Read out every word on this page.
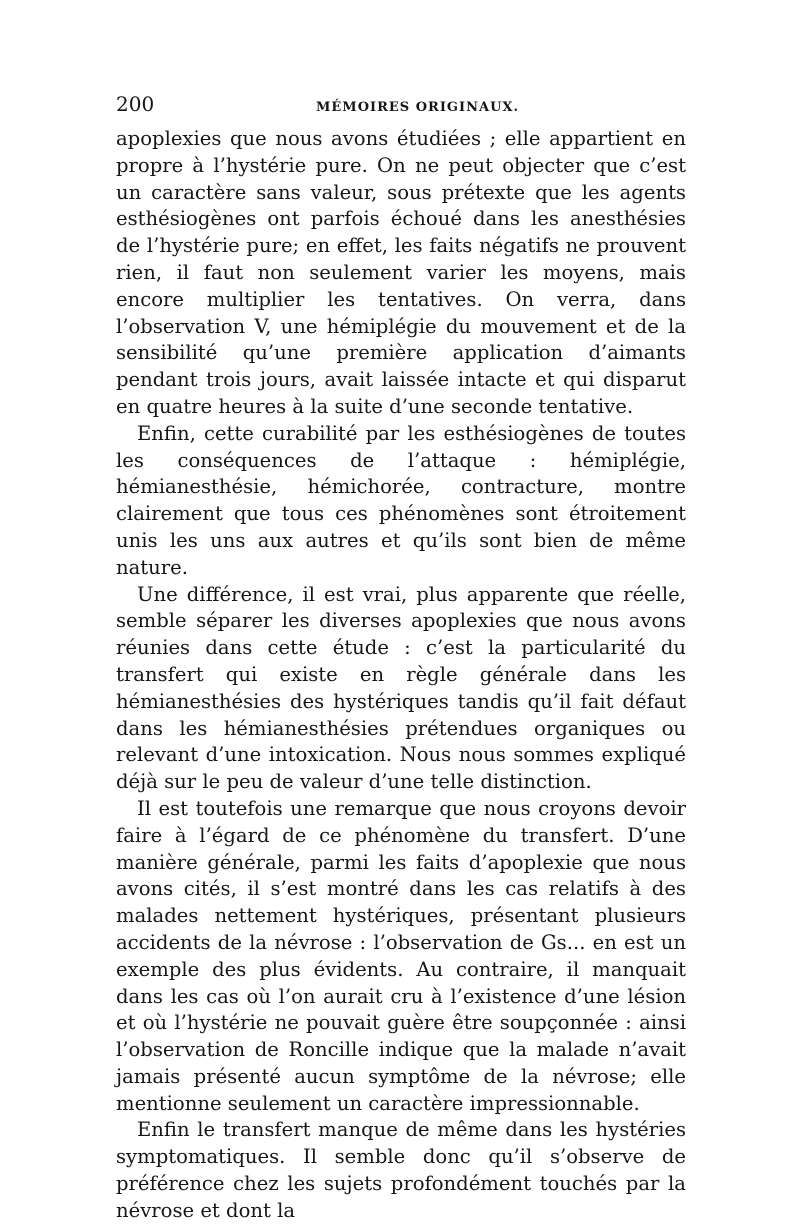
200	MÉMOIRES ORIGINAUX.

apoplexies que nous avons étudiées ; elle appartient en propre à l’hystérie pure. On ne peut objecter que c’est un caractère sans valeur, sous prétexte que les agents esthésiogènes ont parfois échoué dans les anesthésies de l’hystérie pure; en effet, les faits négatifs ne prouvent rien, il faut non seulement varier les moyens, mais encore multiplier les tentatives. On verra, dans l’observation V, une hémiplégie du mouvement et de la sensibilité qu’une première application d’aimants pendant trois jours, avait laissée intacte et qui disparut en quatre heures à la suite d’une seconde tentative.

Enfin, cette curabilité par les esthésiogènes de toutes les conséquences de l’attaque : hémiplégie, hémianesthésie, hémichorée, contracture, montre clairement que tous ces phénomènes sont étroitement unis les uns aux autres et qu’ils sont bien de même nature.

Une différence, il est vrai, plus apparente que réelle, semble séparer les diverses apoplexies que nous avons réunies dans cette étude : c’est la particularité du transfert qui existe en règle générale dans les hémianesthésies des hystériques tandis qu’il fait défaut dans les hémianesthésies prétendues organiques ou relevant d’une intoxication. Nous nous sommes expliqué déjà sur le peu de valeur d’une telle distinction.

Il est toutefois une remarque que nous croyons devoir faire à l’égard de ce phénomène du transfert. D’une manière générale, parmi les faits d’apoplexie que nous avons cités, il s’est montré dans les cas relatifs à des malades nettement hystériques, présentant plusieurs accidents de la névrose : l’observation de Gs... en est un exemple des plus évidents. Au contraire, il manquait dans les cas où l’on aurait cru à l’existence d’une lésion et où l’hystérie ne pouvait guère être soupçonnée : ainsi l’observation de Roncille indique que la malade n’avait jamais présenté aucun symptôme de la névrose; elle mentionne seulement un caractère impressionnable.

Enfin le transfert manque de même dans les hystéries symptomatiques. Il semble donc qu’il s’observe de préférence chez les sujets profondément touchés par la névrose et dont la
